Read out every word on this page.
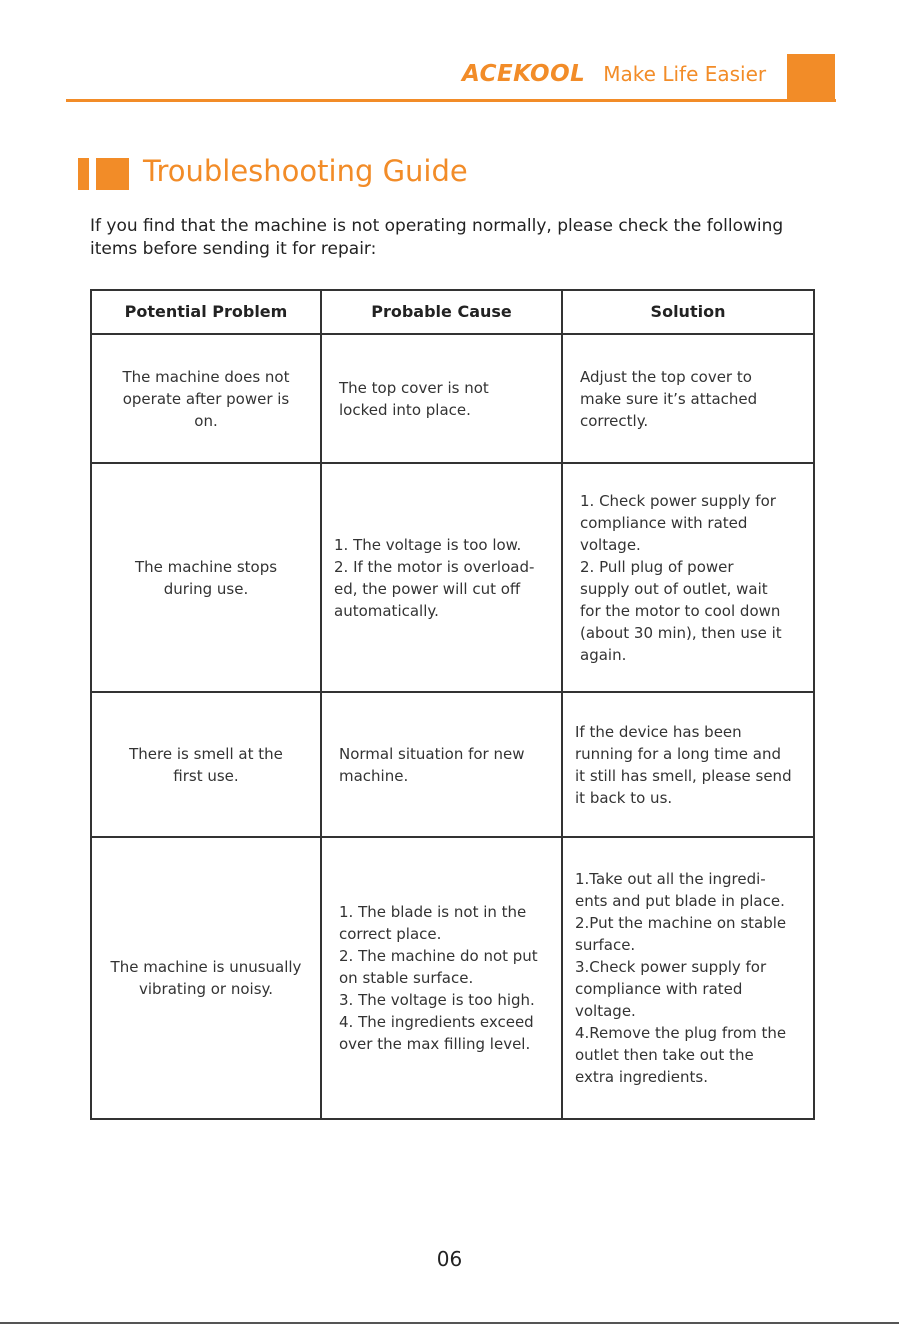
ACEKOOL Make Life Easier
Troubleshooting Guide
If you find that the machine is not operating normally, please check the following
items before sending it for repair:
Potential Problem	Probable Cause	Solution
The machine does not
operate after power is
on.
The top cover is not
locked into place.
Adjust the top cover to
make sure it’s attached
correctly.
The machine stops
during use.
1. The voltage is too low.
2. If the motor is overload-
ed, the power will cut off
automatically.
1. Check power supply for
compliance with rated
voltage.
2. Pull plug of power
supply out of outlet, wait
for the motor to cool down
(about 30 min), then use it
again.
There is smell at the
first use.
Normal situation for new
machine.
If the device has been
running for a long time and
it still has smell, please send
it back to us.
The machine is unusually
vibrating or noisy.
1. The blade is not in the
correct place.
2. The machine do not put
on stable surface.
3. The voltage is too high.
4. The ingredients exceed
over the max filling level.
1.Take out all the ingredi-
ents and put blade in place.
2.Put the machine on stable
surface.
3.Check power supply for
compliance with rated
voltage.
4.Remove the plug from the
outlet then take out the
extra ingredients.
06
